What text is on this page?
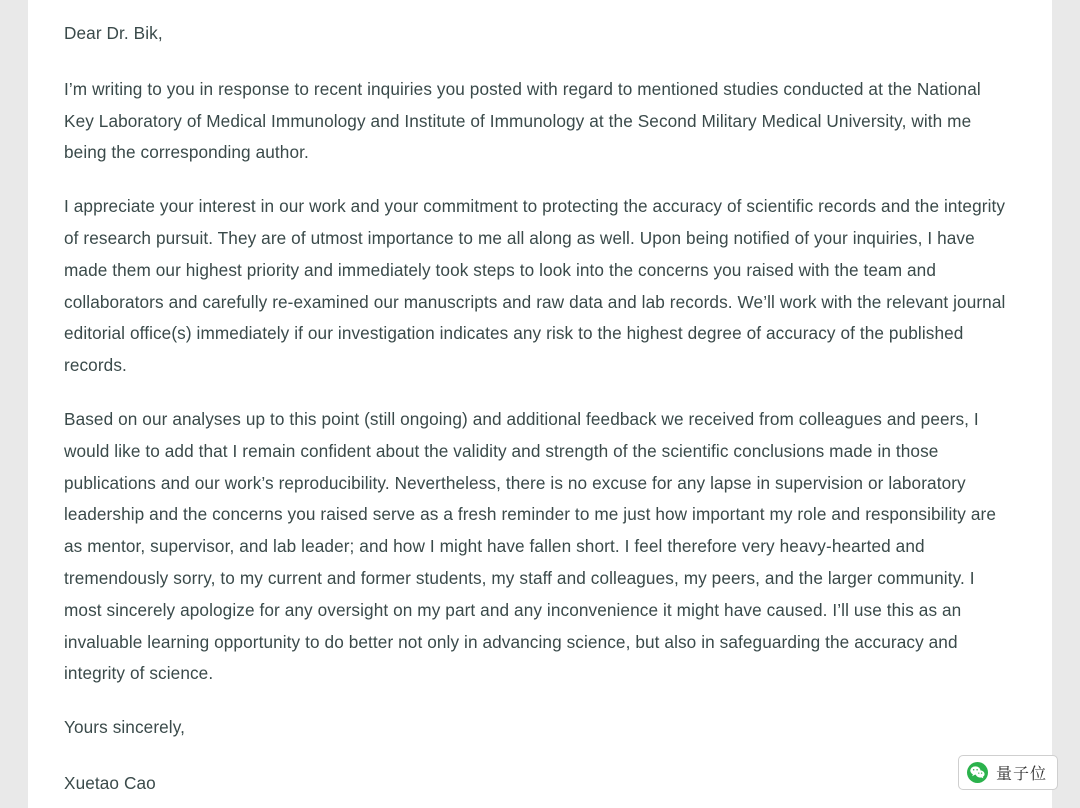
Dear Dr. Bik,

I’m writing to you in response to recent inquiries you posted with regard to mentioned studies conducted at the National Key Laboratory of Medical Immunology and Institute of Immunology at the Second Military Medical University, with me being the corresponding author.

I appreciate your interest in our work and your commitment to protecting the accuracy of scientific records and the integrity of research pursuit. They are of utmost importance to me all along as well. Upon being notified of your inquiries, I have made them our highest priority and immediately took steps to look into the concerns you raised with the team and collaborators and carefully re-examined our manuscripts and raw data and lab records. We’ll work with the relevant journal editorial office(s) immediately if our investigation indicates any risk to the highest degree of accuracy of the published records.

Based on our analyses up to this point (still ongoing) and additional feedback we received from colleagues and peers, I would like to add that I remain confident about the validity and strength of the scientific conclusions made in those publications and our work’s reproducibility. Nevertheless, there is no excuse for any lapse in supervision or laboratory leadership and the concerns you raised serve as a fresh reminder to me just how important my role and responsibility are as mentor, supervisor, and lab leader; and how I might have fallen short. I feel therefore very heavy-hearted and tremendously sorry, to my current and former students, my staff and colleagues, my peers, and the larger community. I most sincerely apologize for any oversight on my part and any inconvenience it might have caused. I’ll use this as an invaluable learning opportunity to do better not only in advancing science, but also in safeguarding the accuracy and integrity of science.

Yours sincerely,

Xuetao Cao	量子位
